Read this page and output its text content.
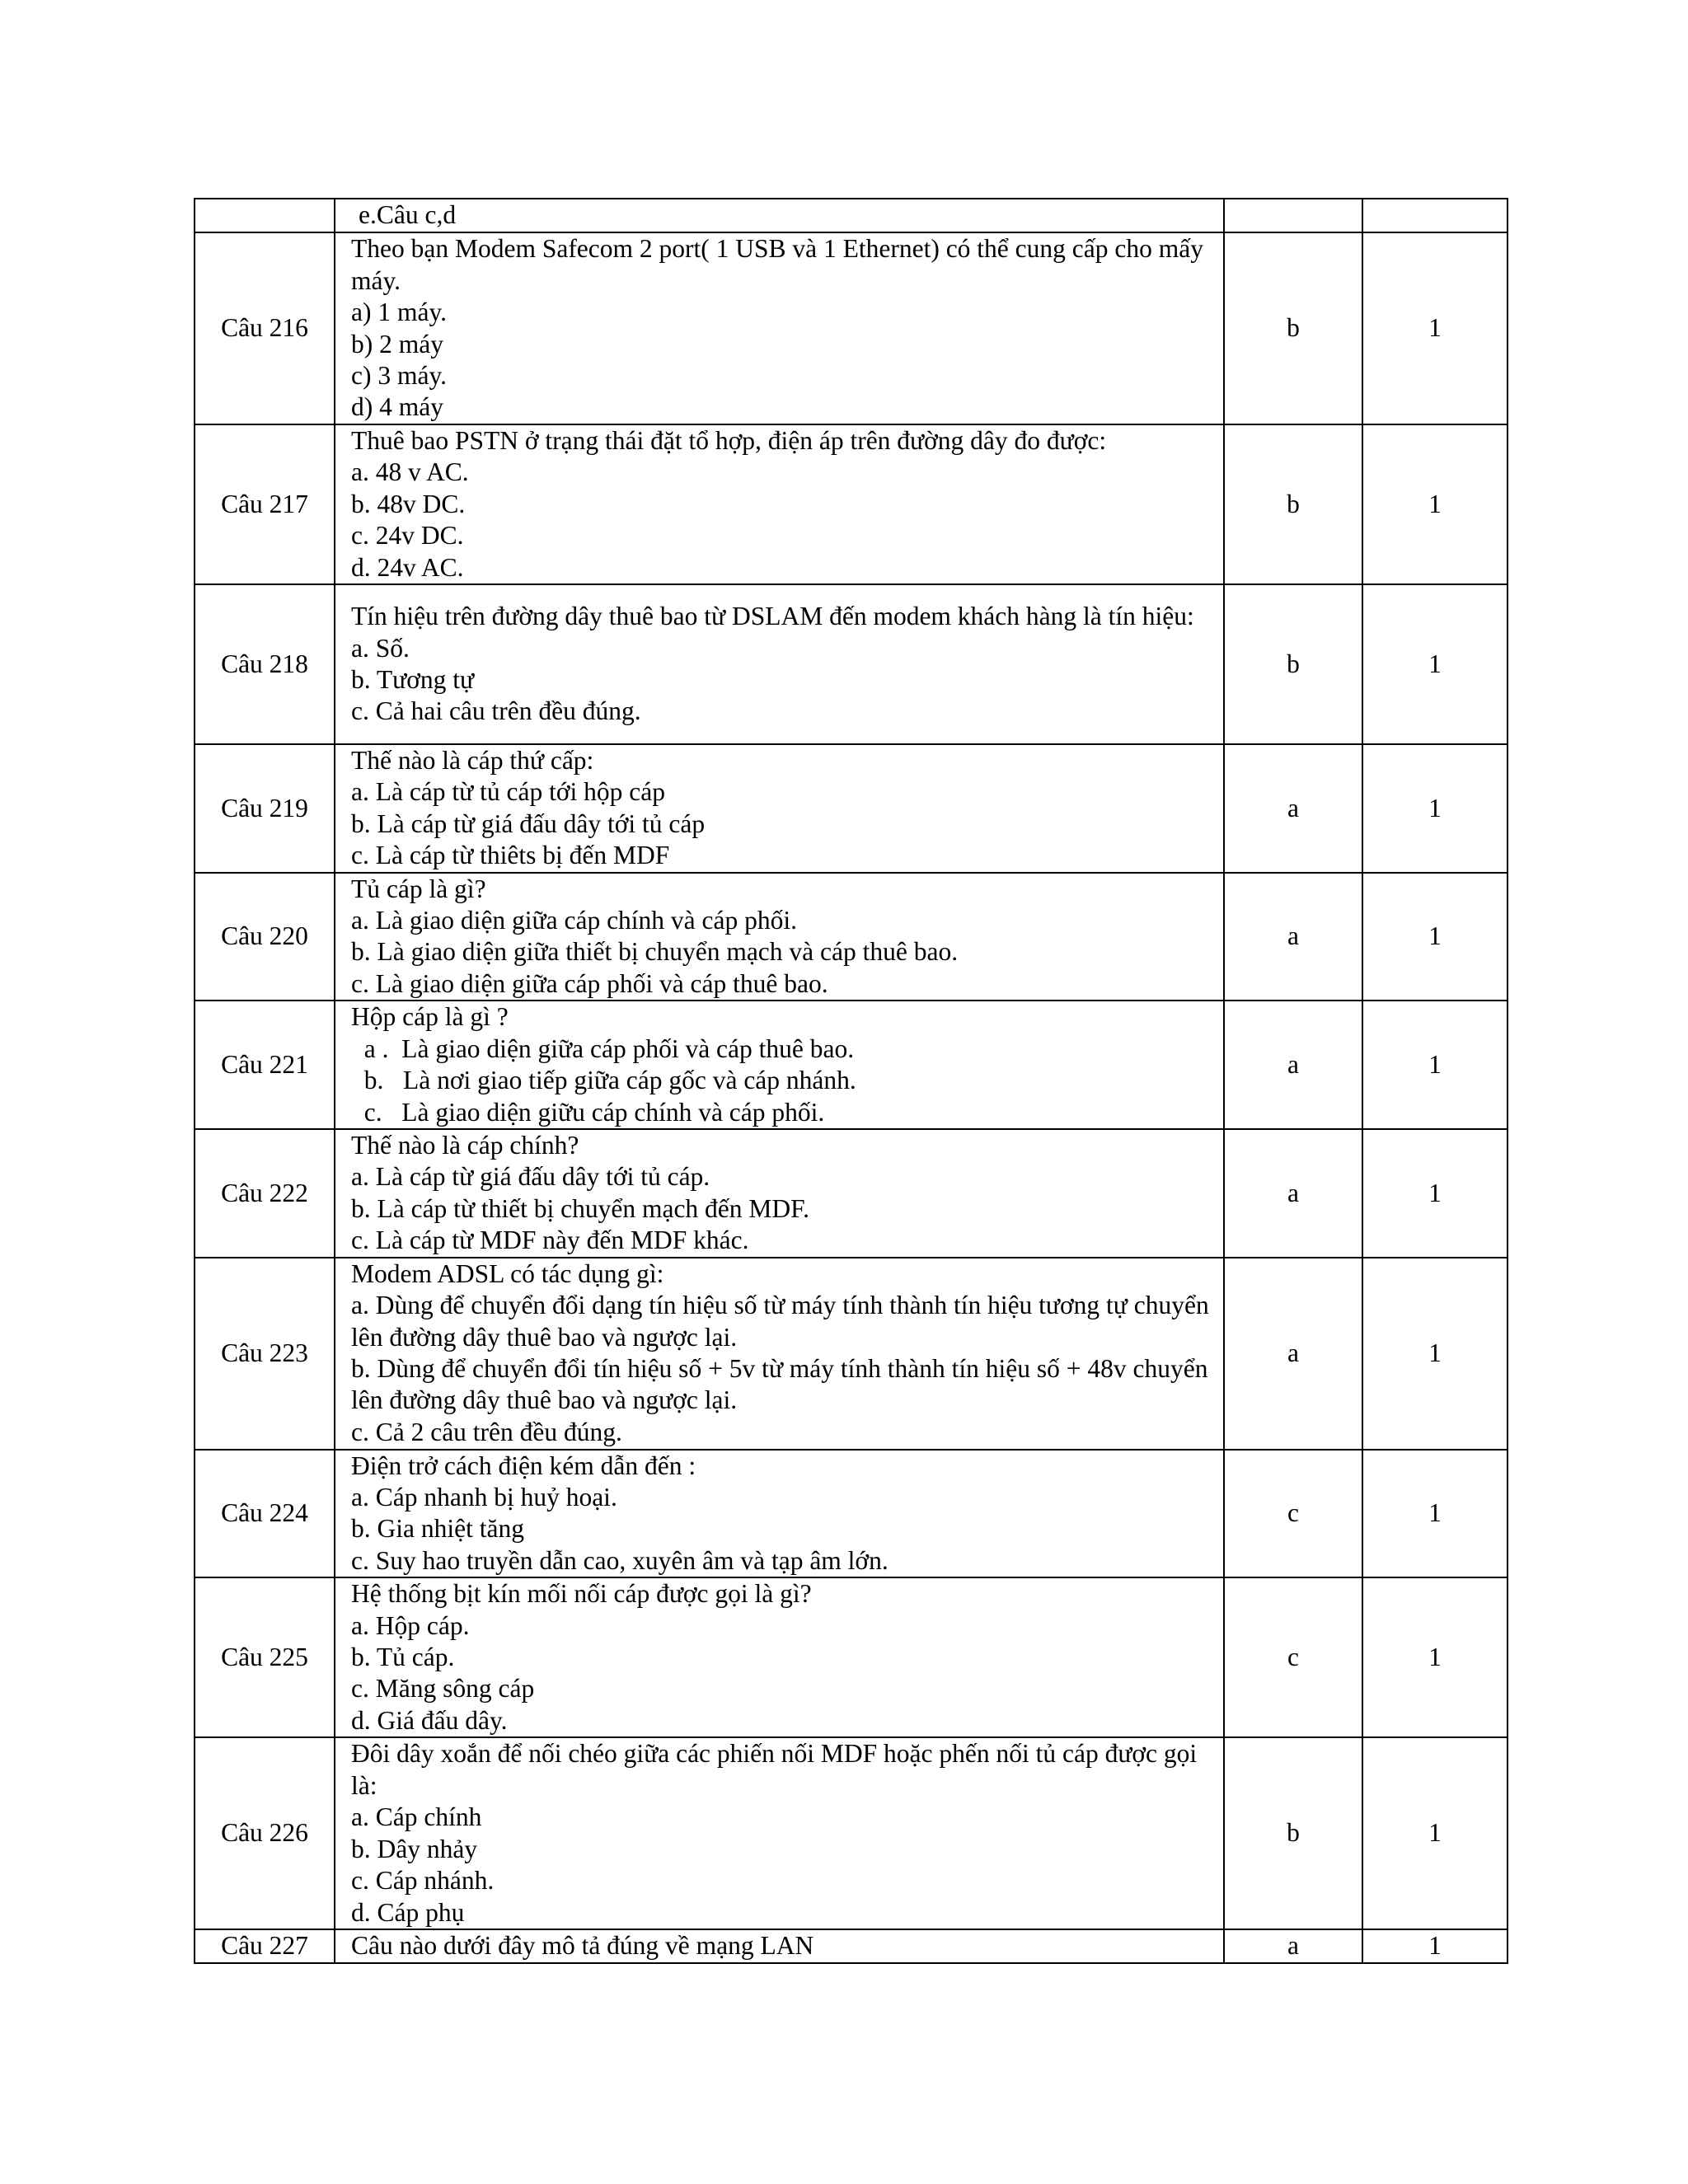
	e.Câu c,d		

Câu 216	Theo bạn Modem Safecom 2 port( 1 USB và 1 Ethernet) có thể cung cấp cho mấy máy.
a) 1 máy.
b) 2 máy
c) 3 máy.
d) 4 máy	b	1
Câu 217	Thuê bao PSTN ở trạng thái đặt tổ hợp, điện áp trên đường dây đo được:
a. 48 v AC.
b. 48v DC.
c. 24v DC.
d. 24v AC.	b	1
Câu 218	Tín hiệu trên đường dây thuê bao từ DSLAM đến modem khách hàng là tín hiệu:
a. Số.
b. Tương tự
c. Cả hai câu trên đều đúng.	b	1
Câu 219	Thế nào là cáp thứ cấp:
a. Là cáp từ tủ cáp tới hộp cáp
b. Là cáp từ giá đấu dây tới tủ cáp
c. Là cáp từ thiêts bị đến MDF	a	1
Câu 220	Tủ cáp là gì?
a. Là giao diện giữa cáp chính và cáp phối.
b. Là giao diện giữa thiết bị chuyển mạch và cáp thuê bao.
c. Là giao diện giữa cáp phối và cáp thuê bao.	a	1
Câu 221	Hộp cáp là gì ?
a .  Là giao diện giữa cáp phối và cáp thuê bao.
b.   Là nơi giao tiếp giữa cáp gốc và cáp nhánh.
c.   Là giao diện giữu cáp chính và cáp phối.	a	1
Câu 222	Thế nào là cáp chính?
a. Là cáp từ giá đấu dây tới tủ cáp.
b. Là cáp từ thiết bị chuyển mạch đến MDF.
c. Là cáp từ MDF này đến MDF khác.	a	1
Câu 223	Modem ADSL có tác dụng gì:
a. Dùng để chuyển đổi dạng tín hiệu số từ máy tính thành tín hiệu tương tự chuyển lên đường dây thuê bao và ngược lại.
b. Dùng để chuyển đổi tín hiệu số + 5v từ máy tính thành tín hiệu số + 48v chuyển lên đường dây thuê bao và ngược lại.
c. Cả 2 câu trên đều đúng.	a	1
Câu 224	Điện trở cách điện kém dẫn đến :
a. Cáp nhanh bị huỷ hoại.
b. Gia nhiệt tăng
c. Suy hao truyền dẫn cao, xuyên âm và tạp âm lớn.	c	1
Câu 225	Hệ thống bịt kín mối nối cáp được gọi là gì?
a. Hộp cáp.
b. Tủ cáp.
c. Măng sông cáp
d. Giá đấu dây.	c	1
Câu 226	Đôi dây xoắn để nối chéo giữa các phiến nối MDF hoặc phến nối tủ cáp được gọi là:
a. Cáp chính
b. Dây nhảy
c. Cáp nhánh.
d. Cáp phụ	b	1
Câu 227	Câu nào dưới đây mô tả đúng về mạng LAN	a	1
